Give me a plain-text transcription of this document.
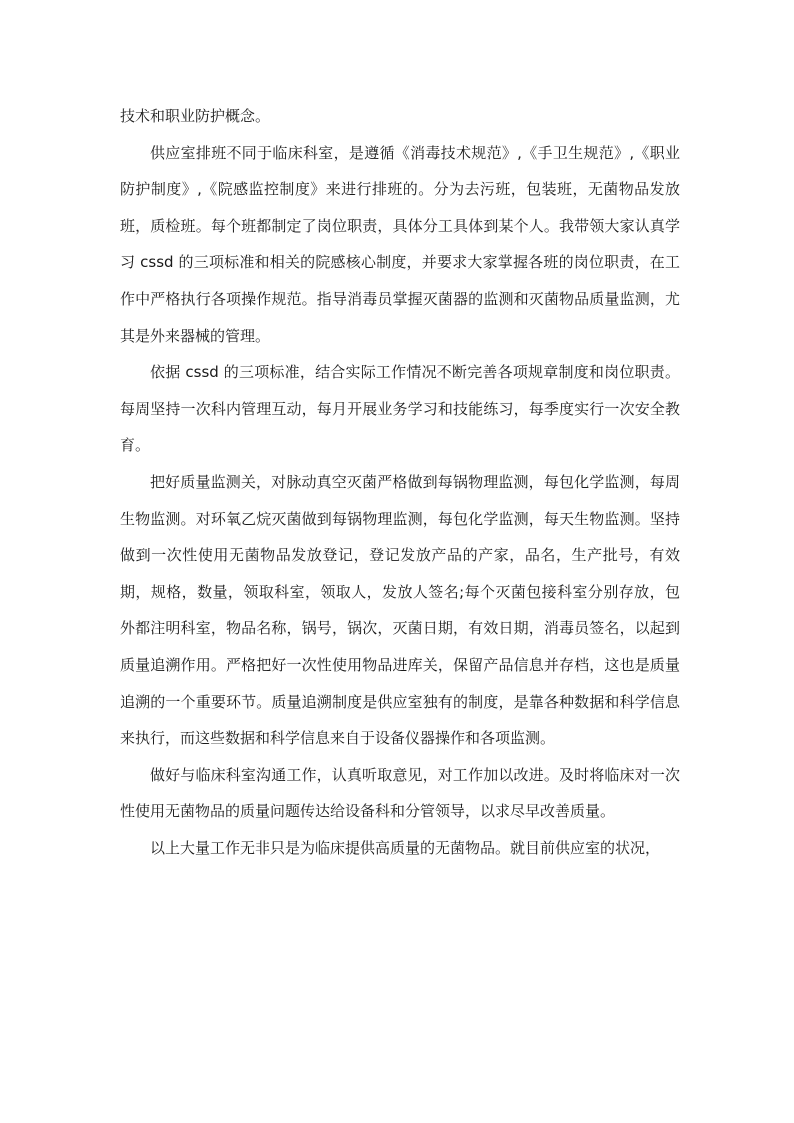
技术和职业防护概念。

供应室排班不同于临床科室，是遵循《消毒技术规范》,《手卫生规范》,《职业防护制度》,《院感监控制度》来进行排班的。分为去污班，包装班，无菌物品发放班，质检班。每个班都制定了岗位职责，具体分工具体到某个人。我带领大家认真学习 cssd 的三项标准和相关的院感核心制度，并要求大家掌握各班的岗位职责，在工作中严格执行各项操作规范。指导消毒员掌握灭菌器的监测和灭菌物品质量监测，尤其是外来器械的管理。

依据 cssd 的三项标准，结合实际工作情况不断完善各项规章制度和岗位职责。每周坚持一次科内管理互动，每月开展业务学习和技能练习，每季度实行一次安全教育。

把好质量监测关，对脉动真空灭菌严格做到每锅物理监测，每包化学监测，每周生物监测。对环氧乙烷灭菌做到每锅物理监测，每包化学监测，每天生物监测。坚持做到一次性使用无菌物品发放登记，登记发放产品的产家，品名，生产批号，有效期，规格，数量，领取科室，领取人，发放人签名;每个灭菌包接科室分别存放，包外都注明科室，物品名称，锅号，锅次，灭菌日期，有效日期，消毒员签名，以起到质量追溯作用。严格把好一次性使用物品进库关，保留产品信息并存档，这也是质量追溯的一个重要环节。质量追溯制度是供应室独有的制度，是靠各种数据和科学信息来执行，而这些数据和科学信息来自于设备仪器操作和各项监测。

做好与临床科室沟通工作，认真听取意见，对工作加以改进。及时将临床对一次性使用无菌物品的质量问题传达给设备科和分管领导，以求尽早改善质量。

以上大量工作无非只是为临床提供高质量的无菌物品。就目前供应室的状况，
